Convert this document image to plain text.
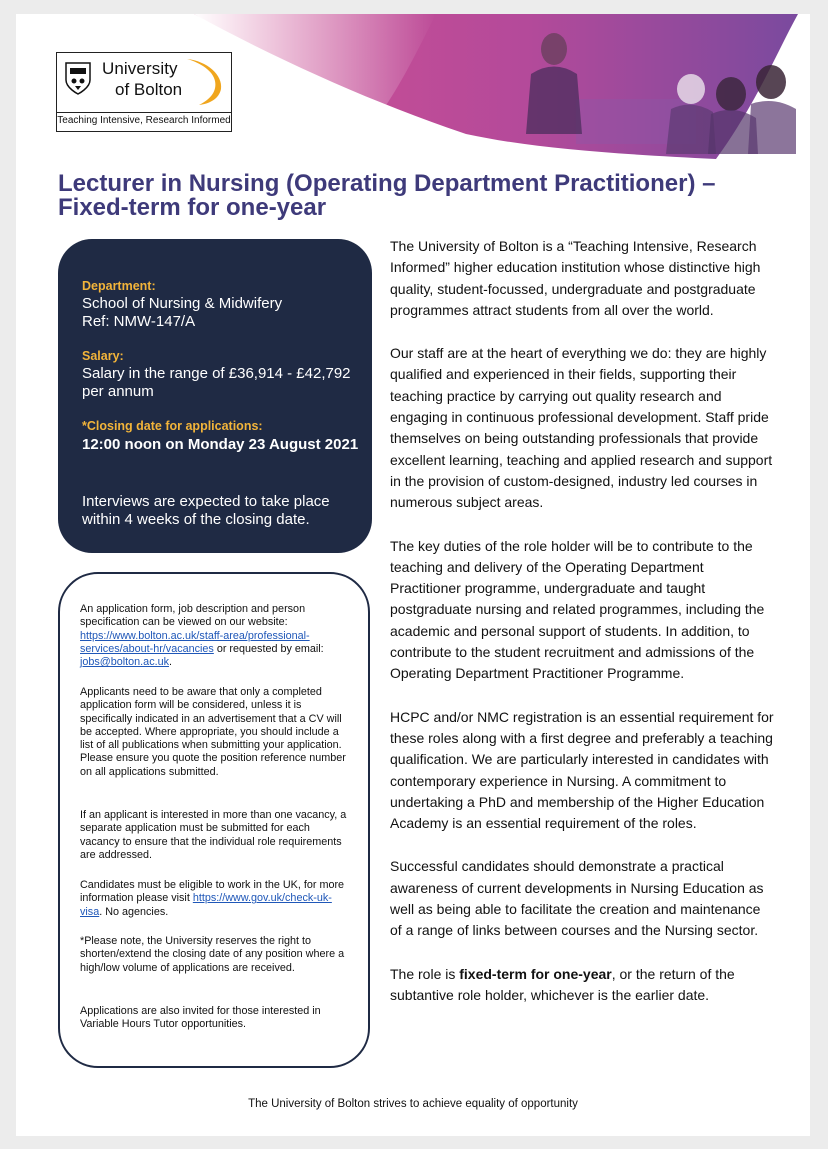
University
of Bolton
Teaching Intensive, Research Informed
Lecturer in Nursing (Operating Department Practitioner) – Fixed-term for one-year
Department:
School of Nursing & Midwifery
Ref: NMW-147/A
Salary:
Salary in the range of £36,914 - £42,792 per annum
*Closing date for applications:
12:00 noon on Monday 23 August 2021
Interviews are expected to take place within 4 weeks of the closing date.
An application form, job description and person specification can be viewed on our website: https://www.bolton.ac.uk/staff-area/professional-services/about-hr/vacancies or requested by email: jobs@bolton.ac.uk.
Applicants need to be aware that only a completed application form will be considered, unless it is specifically indicated in an advertisement that a CV will be accepted. Where appropriate, you should include a list of all publications when submitting your application. Please ensure you quote the position reference number on all applications submitted.
If an applicant is interested in more than one vacancy, a separate application must be submitted for each vacancy to ensure that the individual role requirements are addressed.
Candidates must be eligible to work in the UK, for more information please visit https://www.gov.uk/check-uk-visa. No agencies.
*Please note, the University reserves the right to shorten/extend the closing date of any position where a high/low volume of applications are received.
Applications are also invited for those interested in Variable Hours Tutor opportunities.

The University of Bolton is a “Teaching Intensive, Research Informed” higher education institution whose distinctive high quality, student-focussed, undergraduate and postgraduate programmes attract students from all over the world.

Our staff are at the heart of everything we do: they are highly qualified and experienced in their fields, supporting their teaching practice by carrying out quality research and engaging in continuous professional development. Staff pride themselves on being outstanding professionals that provide excellent learning, teaching and applied research and support in the provision of custom-designed, industry led courses in numerous subject areas.

The key duties of the role holder will be to contribute to the teaching and delivery of the Operating Department Practitioner programme, undergraduate and taught postgraduate nursing and related programmes, including the academic and personal support of students. In addition, to contribute to the student recruitment and admissions of the Operating Department Practitioner Programme.

HCPC and/or NMC registration is an essential requirement for these roles along with a first degree and preferably a teaching qualification. We are particularly interested in candidates with contemporary experience in Nursing. A commitment to undertaking a PhD and membership of the Higher Education Academy is an essential requirement of the roles.

Successful candidates should demonstrate a practical awareness of current developments in Nursing Education as well as being able to facilitate the creation and maintenance of a range of links between courses and the Nursing sector.

The role is fixed-term for one-year, or the return of the subtantive role holder, whichever is the earlier date.

The University of Bolton strives to achieve equality of opportunity
